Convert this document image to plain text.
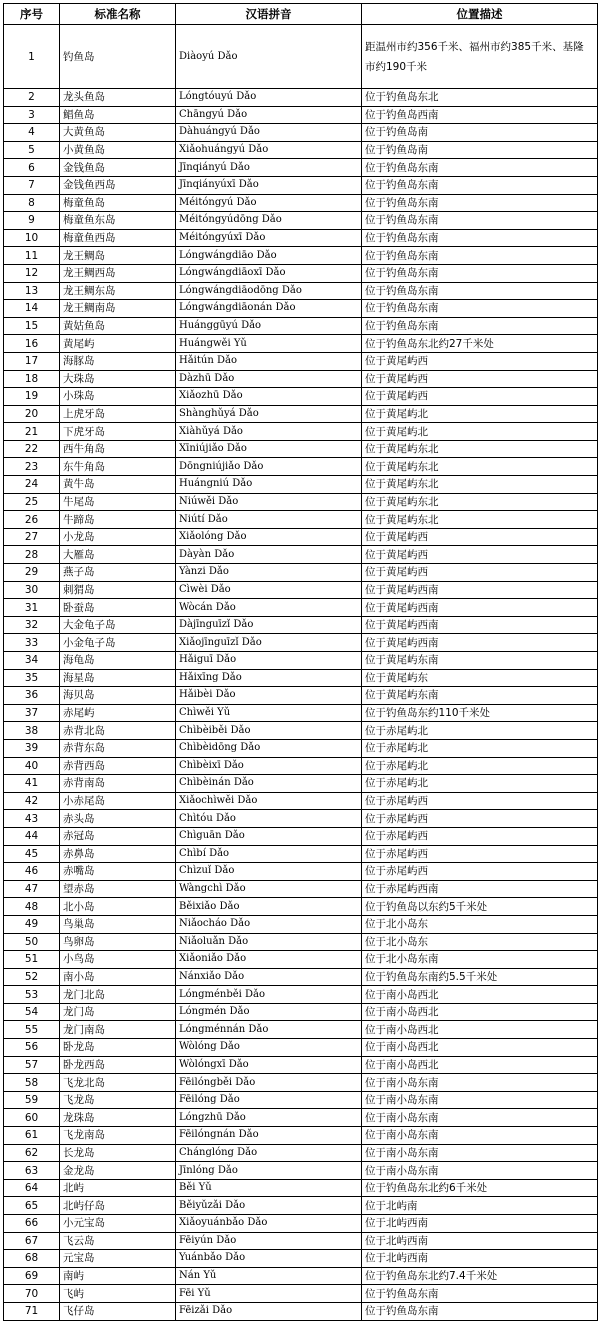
序号	标准名称	汉语拼音	位置描述
1	钓鱼岛	Diàoyú Dǎo	距温州市约356千米、福州市约385千米、基隆市约190千米
2	龙头鱼岛	Lóngtóuyú Dǎo	位于钓鱼岛东北
3	鲳鱼岛	Chāngyú Dǎo	位于钓鱼岛西南
4	大黄鱼岛	Dàhuángyú Dǎo	位于钓鱼岛南
5	小黄鱼岛	Xiǎohuángyú Dǎo	位于钓鱼岛南
6	金钱鱼岛	Jīnqiányú Dǎo	位于钓鱼岛东南
7	金钱鱼西岛	Jīnqiányúxī Dǎo	位于钓鱼岛东南
8	梅童鱼岛	Méitóngyú Dǎo	位于钓鱼岛东南
9	梅童鱼东岛	Méitóngyúdōng Dǎo	位于钓鱼岛东南
10	梅童鱼西岛	Méitóngyúxī Dǎo	位于钓鱼岛东南
11	龙王鲷岛	Lóngwángdiāo Dǎo	位于钓鱼岛东南
12	龙王鲷西岛	Lóngwángdiāoxī Dǎo	位于钓鱼岛东南
13	龙王鲷东岛	Lóngwángdiāodōng Dǎo	位于钓鱼岛东南
14	龙王鲷南岛	Lóngwángdiāonán Dǎo	位于钓鱼岛东南
15	黄姑鱼岛	Huánggūyú Dǎo	位于钓鱼岛东南
16	黄尾屿	Huángwěi Yǔ	位于钓鱼岛东北约27千米处
17	海豚岛	Hǎitún Dǎo	位于黄尾屿西
18	大珠岛	Dàzhū Dǎo	位于黄尾屿西
19	小珠岛	Xiǎozhū Dǎo	位于黄尾屿西
20	上虎牙岛	Shànghǔyá Dǎo	位于黄尾屿北
21	下虎牙岛	Xiàhǔyá Dǎo	位于黄尾屿北
22	西牛角岛	Xīniújiǎo Dǎo	位于黄尾屿东北
23	东牛角岛	Dōngniújiǎo Dǎo	位于黄尾屿东北
24	黄牛岛	Huángniú Dǎo	位于黄尾屿东北
25	牛尾岛	Niúwěi Dǎo	位于黄尾屿东北
26	牛蹄岛	Niútí Dǎo	位于黄尾屿东北
27	小龙岛	Xiǎolóng Dǎo	位于黄尾屿西
28	大雁岛	Dàyàn Dǎo	位于黄尾屿西
29	燕子岛	Yànzi Dǎo	位于黄尾屿西
30	刺猬岛	Cìwèi Dǎo	位于黄尾屿西南
31	卧蚕岛	Wòcán Dǎo	位于黄尾屿西南
32	大金龟子岛	Dàjīnguīzǐ Dǎo	位于黄尾屿西南
33	小金龟子岛	Xiǎojīnguīzǐ Dǎo	位于黄尾屿西南
34	海龟岛	Hǎiguī Dǎo	位于黄尾屿东南
35	海星岛	Hǎixīng Dǎo	位于黄尾屿东
36	海贝岛	Hǎibèi Dǎo	位于黄尾屿东南
37	赤尾屿	Chìwěi Yǔ	位于钓鱼岛东约110千米处
38	赤背北岛	Chìbèiběi Dǎo	位于赤尾屿北
39	赤背东岛	Chìbèidōng Dǎo	位于赤尾屿北
40	赤背西岛	Chìbèixī Dǎo	位于赤尾屿北
41	赤背南岛	Chìbèinán Dǎo	位于赤尾屿北
42	小赤尾岛	Xiǎochìwěi Dǎo	位于赤尾屿西
43	赤头岛	Chìtóu Dǎo	位于赤尾屿西
44	赤冠岛	Chìguān Dǎo	位于赤尾屿西
45	赤鼻岛	Chìbí Dǎo	位于赤尾屿西
46	赤嘴岛	Chìzuǐ Dǎo	位于赤尾屿西
47	望赤岛	Wàngchì Dǎo	位于赤尾屿西南
48	北小岛	Běixiǎo Dǎo	位于钓鱼岛以东约5千米处
49	鸟巢岛	Niǎocháo Dǎo	位于北小岛东
50	鸟卵岛	Niǎoluǎn Dǎo	位于北小岛东
51	小鸟岛	Xiǎoniǎo Dǎo	位于北小岛东南
52	南小岛	Nánxiǎo Dǎo	位于钓鱼岛东南约5.5千米处
53	龙门北岛	Lóngménběi Dǎo	位于南小岛西北
54	龙门岛	Lóngmén Dǎo	位于南小岛西北
55	龙门南岛	Lóngménnán Dǎo	位于南小岛西北
56	卧龙岛	Wòlóng Dǎo	位于南小岛西北
57	卧龙西岛	Wòlóngxī Dǎo	位于南小岛西北
58	飞龙北岛	Fēilóngběi Dǎo	位于南小岛东南
59	飞龙岛	Fēilóng Dǎo	位于南小岛东南
60	龙珠岛	Lóngzhū Dǎo	位于南小岛东南
61	飞龙南岛	Fēilóngnán Dǎo	位于南小岛东南
62	长龙岛	Chánglóng Dǎo	位于南小岛东南
63	金龙岛	Jīnlóng Dǎo	位于南小岛东南
64	北屿	Běi Yǔ	位于钓鱼岛东北约6千米处
65	北屿仔岛	Běiyǔzǎi Dǎo	位于北屿南
66	小元宝岛	Xiǎoyuánbǎo Dǎo	位于北屿西南
67	飞云岛	Fēiyún Dǎo	位于北屿西南
68	元宝岛	Yuánbǎo Dǎo	位于北屿西南
69	南屿	Nán Yǔ	位于钓鱼岛东北约7.4千米处
70	飞屿	Fēi Yǔ	位于钓鱼岛东南
71	飞仔岛	Fēizǎi Dǎo	位于钓鱼岛东南
